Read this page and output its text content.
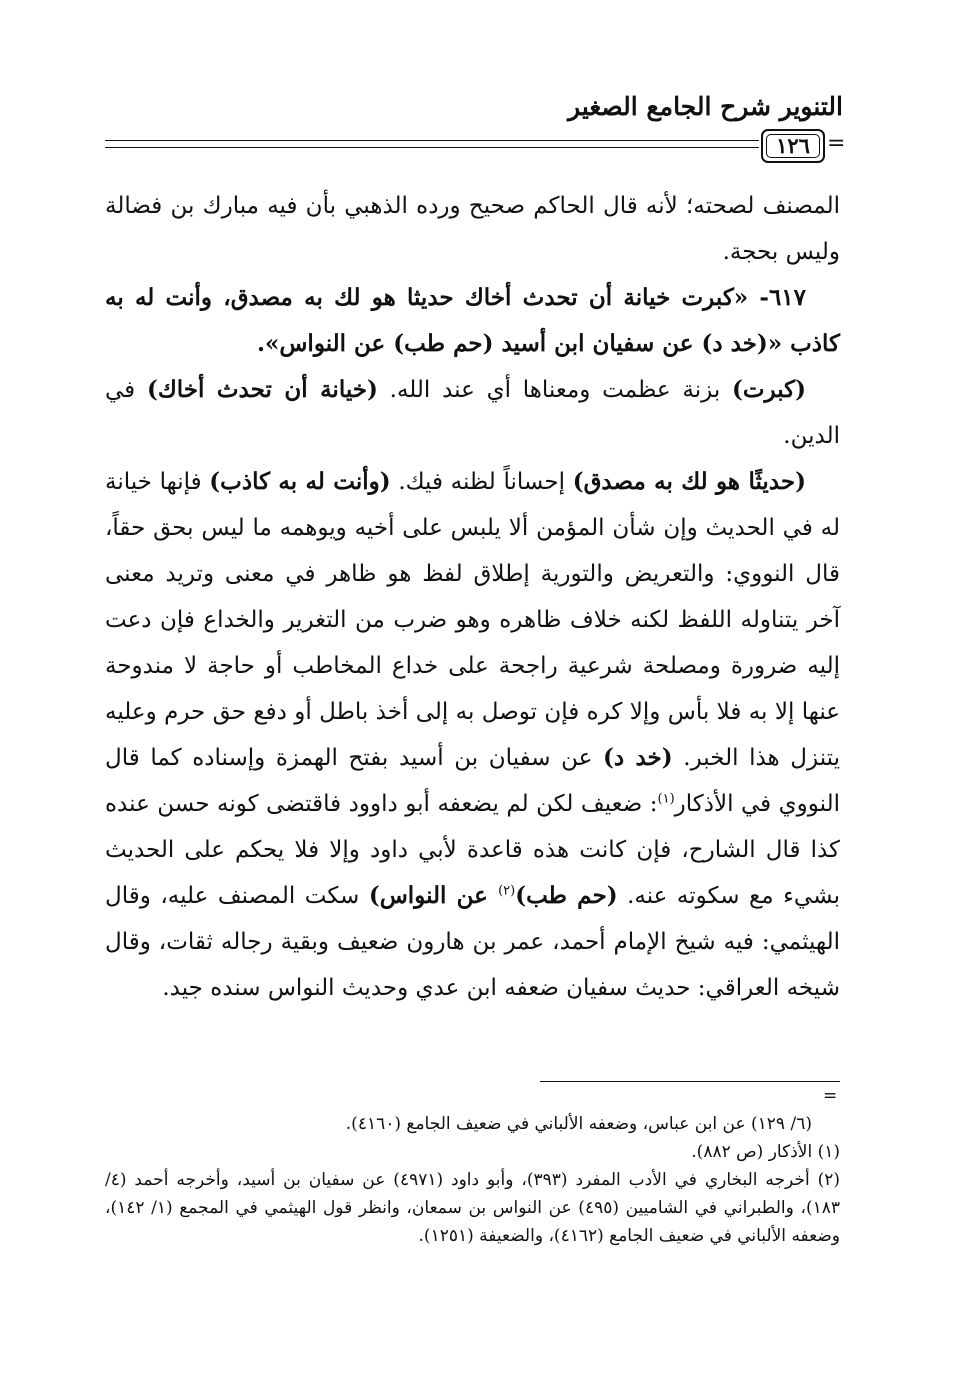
التنوير شرح الجامع الصغير
١٢٦ =

المصنف لصحته؛ لأنه قال الحاكم صحيح ورده الذهبي بأن فيه مبارك بن فضالة وليس بحجة.

٦١٧- «كبرت خيانة أن تحدث أخاك حديثا هو لك به مصدق، وأنت له به كاذب «(خد د) عن سفيان ابن أسيد (حم طب) عن النواس».

(كبرت) بزنة عظمت ومعناها أي عند الله. (خيانة أن تحدث أخاك) في الدين.

(حديثًا هو لك به مصدق) إحساناً لظنه فيك. (وأنت له به كاذب) فإنها خيانة له في الحديث وإن شأن المؤمن ألا يلبس على أخيه ويوهمه ما ليس بحق حقاً، قال النووي: والتعريض والتورية إطلاق لفظ هو ظاهر في معنى وتريد معنى آخر يتناوله اللفظ لكنه خلاف ظاهره وهو ضرب من التغرير والخداع فإن دعت إليه ضرورة ومصلحة شرعية راجحة على خداع المخاطب أو حاجة لا مندوحة عنها إلا به فلا بأس وإلا كره فإن توصل به إلى أخذ باطل أو دفع حق حرم وعليه يتنزل هذا الخبر. (خد د) عن سفيان بن أسيد بفتح الهمزة وإسناده كما قال النووي في الأذكار$^{(١)}$: ضعيف لكن لم يضعفه أبو داوود فاقتضى كونه حسن عنده كذا قال الشارح، فإن كانت هذه قاعدة لأبي داود وإلا فلا يحكم على الحديث بشيء مع سكوته عنه. (حم طب)$^{(٢)}$ عن النواس) سكت المصنف عليه، وقال الهيثمي: فيه شيخ الإمام أحمد، عمر بن هارون ضعيف وبقية رجاله ثقات، وقال شيخه العراقي: حديث سفيان ضعفه ابن عدي وحديث النواس سنده جيد.

=

(٦/ ١٢٩) عن ابن عباس، وضعفه الألباني في ضعيف الجامع (٤١٦٠).

(١) الأذكار (ص ٨٨٢).

(٢) أخرجه البخاري في الأدب المفرد (٣٩٣)، وأبو داود (٤٩٧١) عن سفيان بن أسيد، وأخرجه أحمد (٤/ ١٨٣)، والطبراني في الشاميين (٤٩٥) عن النواس بن سمعان، وانظر قول الهيثمي في المجمع (١/ ١٤٢)، وضعفه الألباني في ضعيف الجامع (٤١٦٢)، والضعيفة (١٢٥١).
